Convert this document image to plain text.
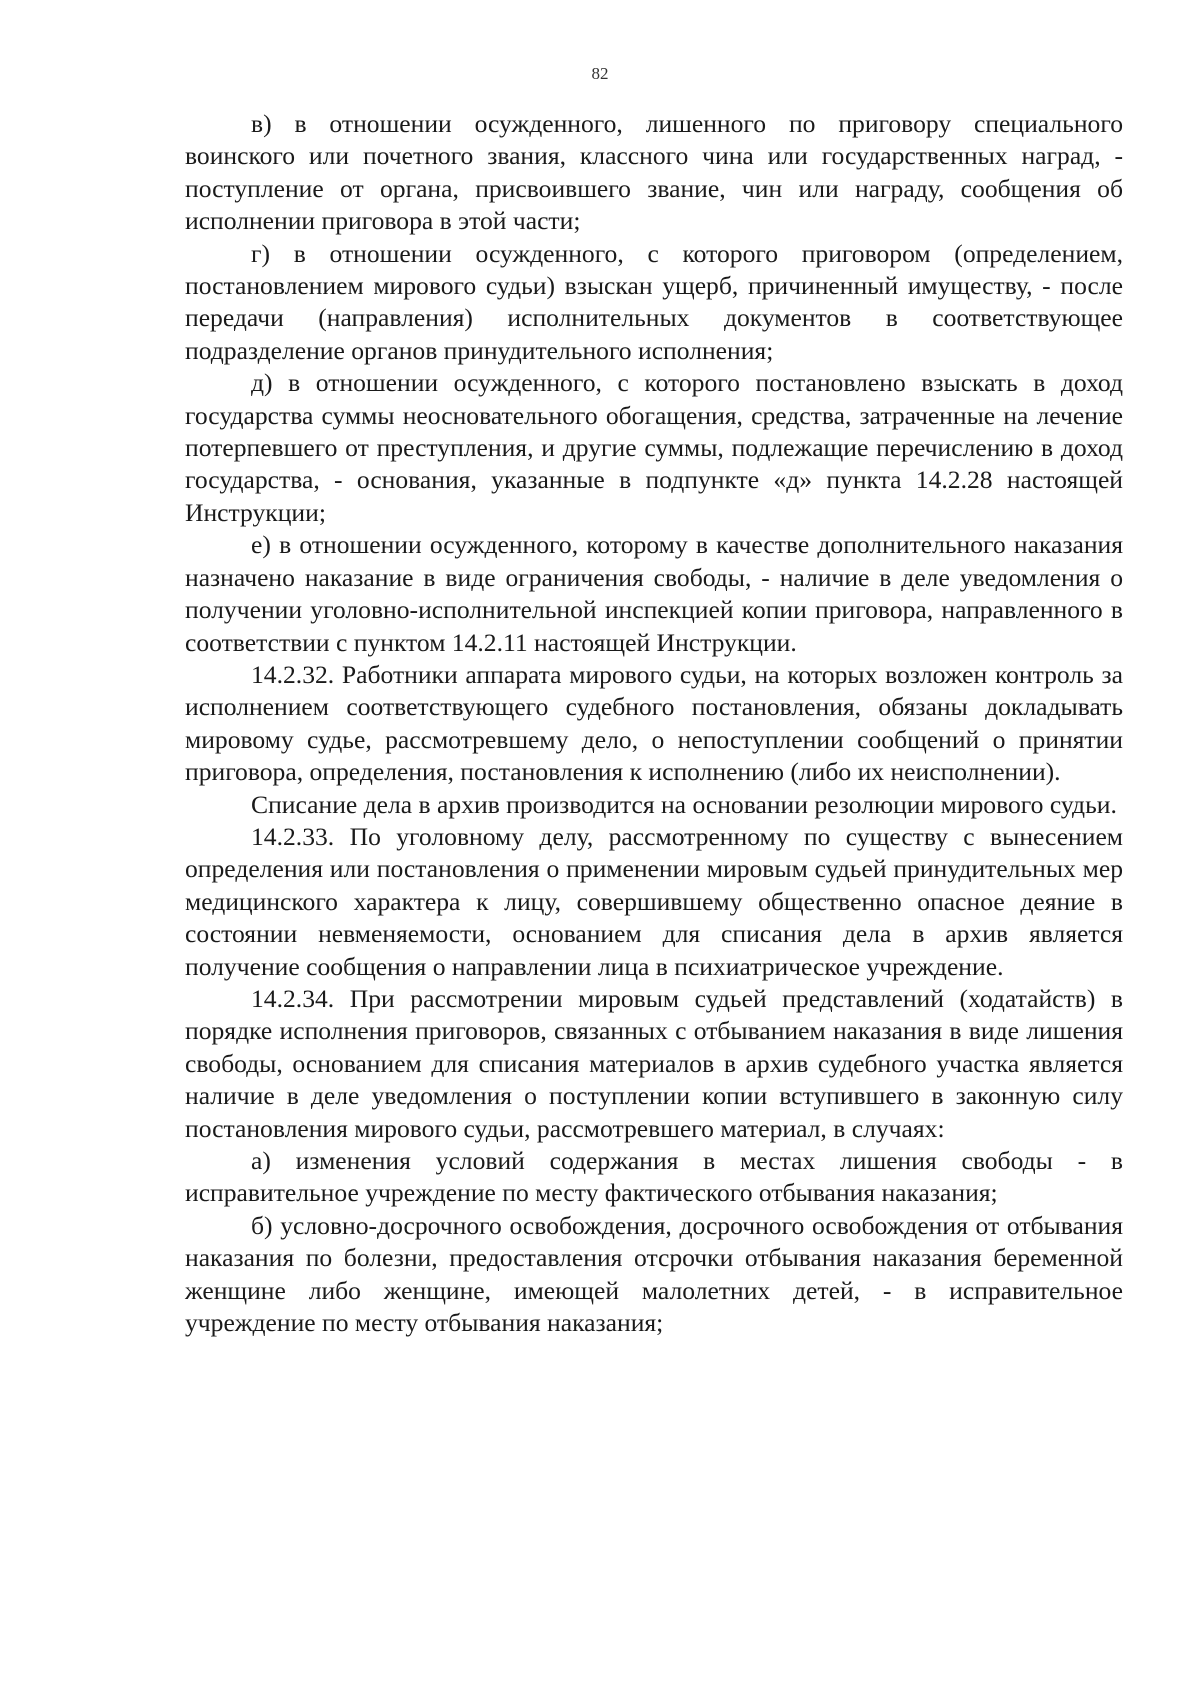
82

в) в отношении осужденного, лишенного по приговору специального воинского или почетного звания, классного чина или государственных наград, - поступление от органа, присвоившего звание, чин или награду, сообщения об исполнении приговора в этой части;

г) в отношении осужденного, с которого приговором (определением, постановлением мирового судьи) взыскан ущерб, причиненный имуществу, - после передачи (направления) исполнительных документов в соответствующее подразделение органов принудительного исполнения;

д) в отношении осужденного, с которого постановлено взыскать в доход государства суммы неосновательного обогащения, средства, затраченные на лечение потерпевшего от преступления, и другие суммы, подлежащие перечислению в доход государства, - основания, указанные в подпункте «д» пункта 14.2.28 настоящей Инструкции;

е) в отношении осужденного, которому в качестве дополнительного наказания назначено наказание в виде ограничения свободы, - наличие в деле уведомления о получении уголовно-исполнительной инспекцией копии приговора, направленного в соответствии с пунктом 14.2.11 настоящей Инструкции.

14.2.32. Работники аппарата мирового судьи, на которых возложен контроль за исполнением соответствующего судебного постановления, обязаны докладывать мировому судье, рассмотревшему дело, о непоступлении сообщений о принятии приговора, определения, постановления к исполнению (либо их неисполнении).

Списание дела в архив производится на основании резолюции мирового судьи.

14.2.33. По уголовному делу, рассмотренному по существу с вынесением определения или постановления о применении мировым судьей принудительных мер медицинского характера к лицу, совершившему общественно опасное деяние в состоянии невменяемости, основанием для списания дела в архив является получение сообщения о направлении лица в психиатрическое учреждение.

14.2.34. При рассмотрении мировым судьей представлений (ходатайств) в порядке исполнения приговоров, связанных с отбыванием наказания в виде лишения свободы, основанием для списания материалов в архив судебного участка является наличие в деле уведомления о поступлении копии вступившего в законную силу постановления мирового судьи, рассмотревшего материал, в случаях:

а) изменения условий содержания в местах лишения свободы - в исправительное учреждение по месту фактического отбывания наказания;

б) условно-досрочного освобождения, досрочного освобождения от отбывания наказания по болезни, предоставления отсрочки отбывания наказания беременной женщине либо женщине, имеющей малолетних детей, - в исправительное учреждение по месту отбывания наказания;
